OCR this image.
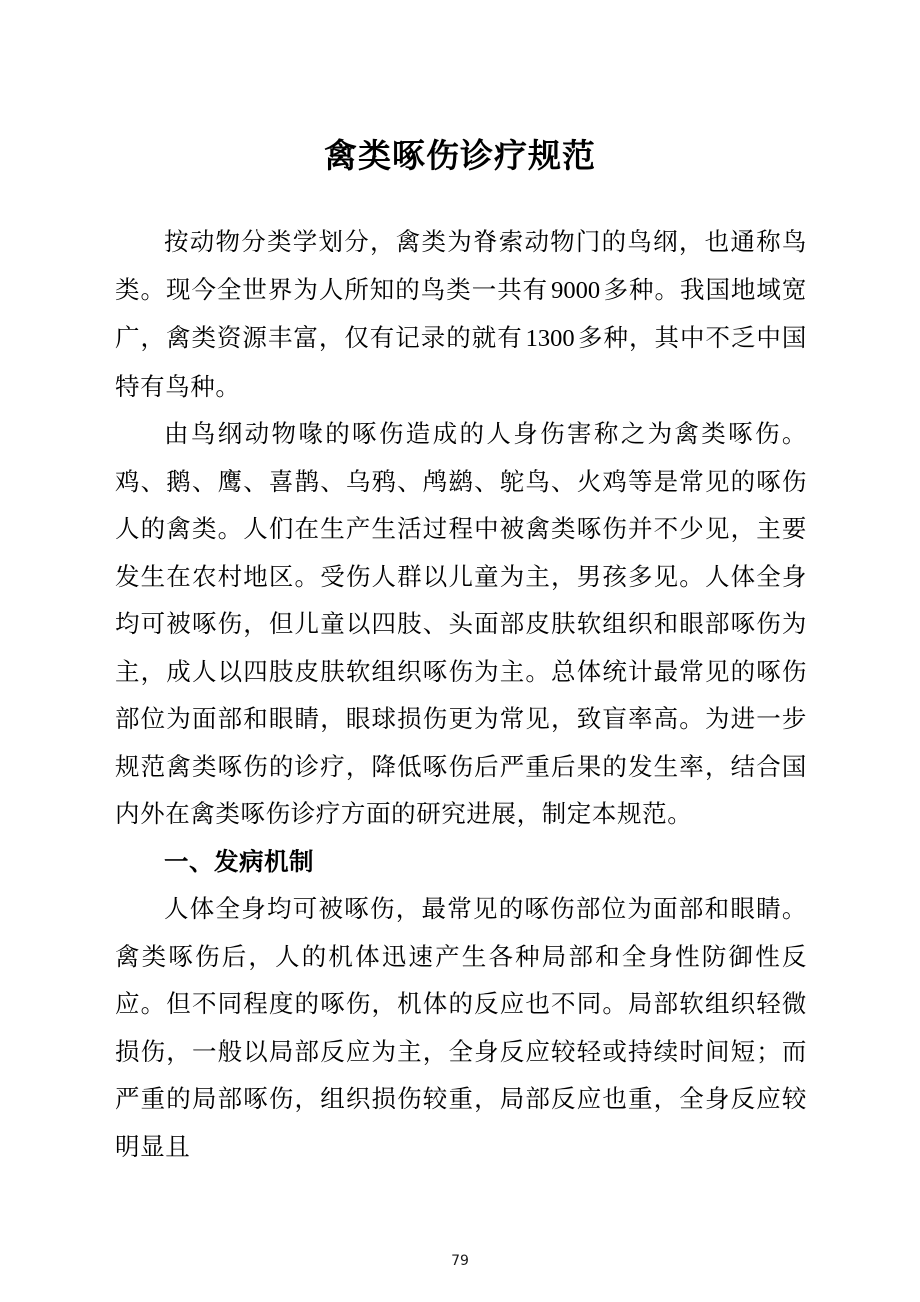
禽类啄伤诊疗规范

按动物分类学划分，禽类为脊索动物门的鸟纲，也通称鸟类。现今全世界为人所知的鸟类一共有 9000 多种。我国地域宽广，禽类资源丰富，仅有记录的就有 1300 多种，其中不乏中国特有鸟种。

由鸟纲动物喙的啄伤造成的人身伤害称之为禽类啄伤。鸡、鹅、鹰、喜鹊、乌鸦、鸬鹚、鸵鸟、火鸡等是常见的啄伤人的禽类。人们在生产生活过程中被禽类啄伤并不少见，主要发生在农村地区。受伤人群以儿童为主，男孩多见。人体全身均可被啄伤，但儿童以四肢、头面部皮肤软组织和眼部啄伤为主，成人以四肢皮肤软组织啄伤为主。总体统计最常见的啄伤部位为面部和眼睛，眼球损伤更为常见，致盲率高。为进一步规范禽类啄伤的诊疗，降低啄伤后严重后果的发生率，结合国内外在禽类啄伤诊疗方面的研究进展，制定本规范。

一、发病机制

人体全身均可被啄伤，最常见的啄伤部位为面部和眼睛。禽类啄伤后，人的机体迅速产生各种局部和全身性防御性反应。但不同程度的啄伤，机体的反应也不同。局部软组织轻微损伤，一般以局部反应为主，全身反应较轻或持续时间短；而严重的局部啄伤，组织损伤较重，局部反应也重，全身反应较明显且

79
